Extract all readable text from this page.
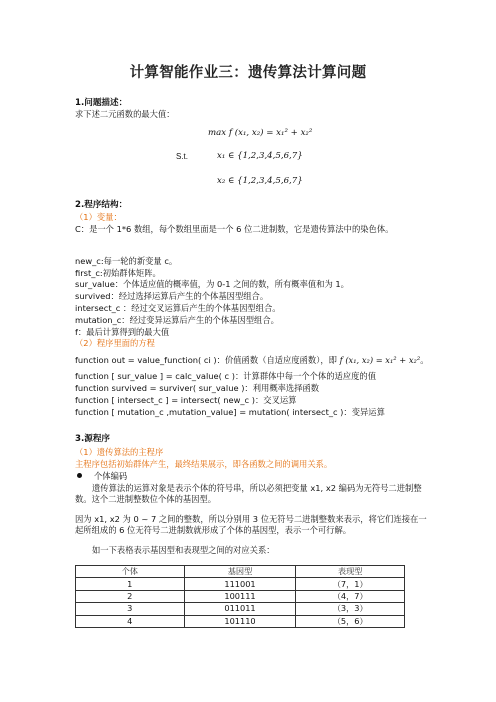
计算智能作业三：遗传算法计算问题
1.问题描述：
求下述二元函数的最大值：
max f (x₁, x₂) = x₁² + x₂²
S.t.	x₁ ∈ {1,2,3,4,5,6,7}
x₂ ∈ {1,2,3,4,5,6,7}
2.程序结构：
（1）变量：
C：是一个 1*6 数组，每个数组里面是一个 6 位二进制数，它是遗传算法中的染色体。
new_c:每一轮的新变量 c。
first_c:初始群体矩阵。
sur_value：个体适应值的概率值，为 0-1 之间的数，所有概率值和为 1。
survived：经过选择运算后产生的个体基因型组合。
intersect_c ：经过交叉运算后产生的个体基因型组合。
mutation_c：经过变异运算后产生的个体基因型组合。
f：最后计算得到的最大值
（2）程序里面的方程
function out = value_function( ci )：价值函数（自适应度函数），即 f (x₁, x₂) = x₁² + x₂²。
function [ sur_value ] = calc_value( c )：计算群体中每一个个体的适应度的值
function survived = surviver( sur_value )：利用概率选择函数
function [ intersect_c ] = intersect( new_c )：交叉运算
function [ mutation_c ,mutation_value] = mutation( intersect_c )：变异运算
3.源程序
（1）遗传算法的主程序
主程序包括初始群体产生，最终结果展示，即各函数之间的调用关系。
个体编码
遗传算法的运算对象是表示个体的符号串，所以必须把变量 x1, x2 编码为无符号二进制整数。这个二进制整数位个体的基因型。
因为 x1, x2 为 0 ~ 7 之间的整数，所以分别用 3 位无符号二进制整数来表示，将它们连接在一起所组成的 6 位无符号二进制数就形成了个体的基因型，表示一个可行解。
如一下表格表示基因型和表现型之间的对应关系：
个体	基因型	表现型
1	111001	（7，1）
2	100111	（4，7）
3	011011	（3，3）
4	101110	（5，6）
